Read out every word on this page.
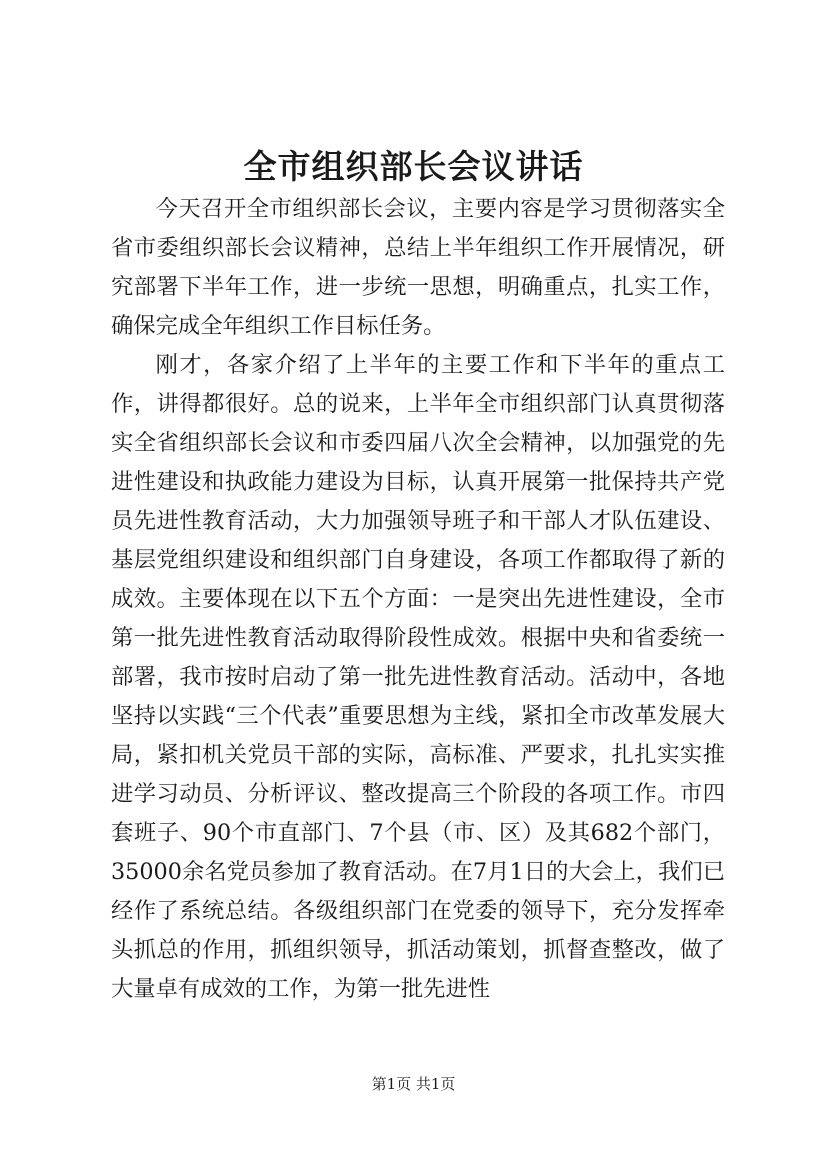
全市组织部长会议讲话

今天召开全市组织部长会议，主要内容是学习贯彻落实全省市委组织部长会议精神，总结上半年组织工作开展情况，研究部署下半年工作，进一步统一思想，明确重点，扎实工作，确保完成全年组织工作目标任务。

刚才，各家介绍了上半年的主要工作和下半年的重点工作，讲得都很好。总的说来，上半年全市组织部门认真贯彻落实全省组织部长会议和市委四届八次全会精神，以加强党的先进性建设和执政能力建设为目标，认真开展第一批保持共产党员先进性教育活动，大力加强领导班子和干部人才队伍建设、基层党组织建设和组织部门自身建设，各项工作都取得了新的成效。主要体现在以下五个方面：一是突出先进性建设，全市第一批先进性教育活动取得阶段性成效。根据中央和省委统一部署，我市按时启动了第一批先进性教育活动。活动中，各地坚持以实践“三个代表”重要思想为主线，紧扣全市改革发展大局，紧扣机关党员干部的实际，高标准、严要求，扎扎实实推进学习动员、分析评议、整改提高三个阶段的各项工作。市四套班子、90个市直部门、7个县（市、区）及其682个部门，35000余名党员参加了教育活动。在7月1日的大会上，我们已经作了系统总结。各级组织部门在党委的领导下，充分发挥牵头抓总的作用，抓组织领导，抓活动策划，抓督查整改，做了大量卓有成效的工作，为第一批先进性

第1页 共1页
